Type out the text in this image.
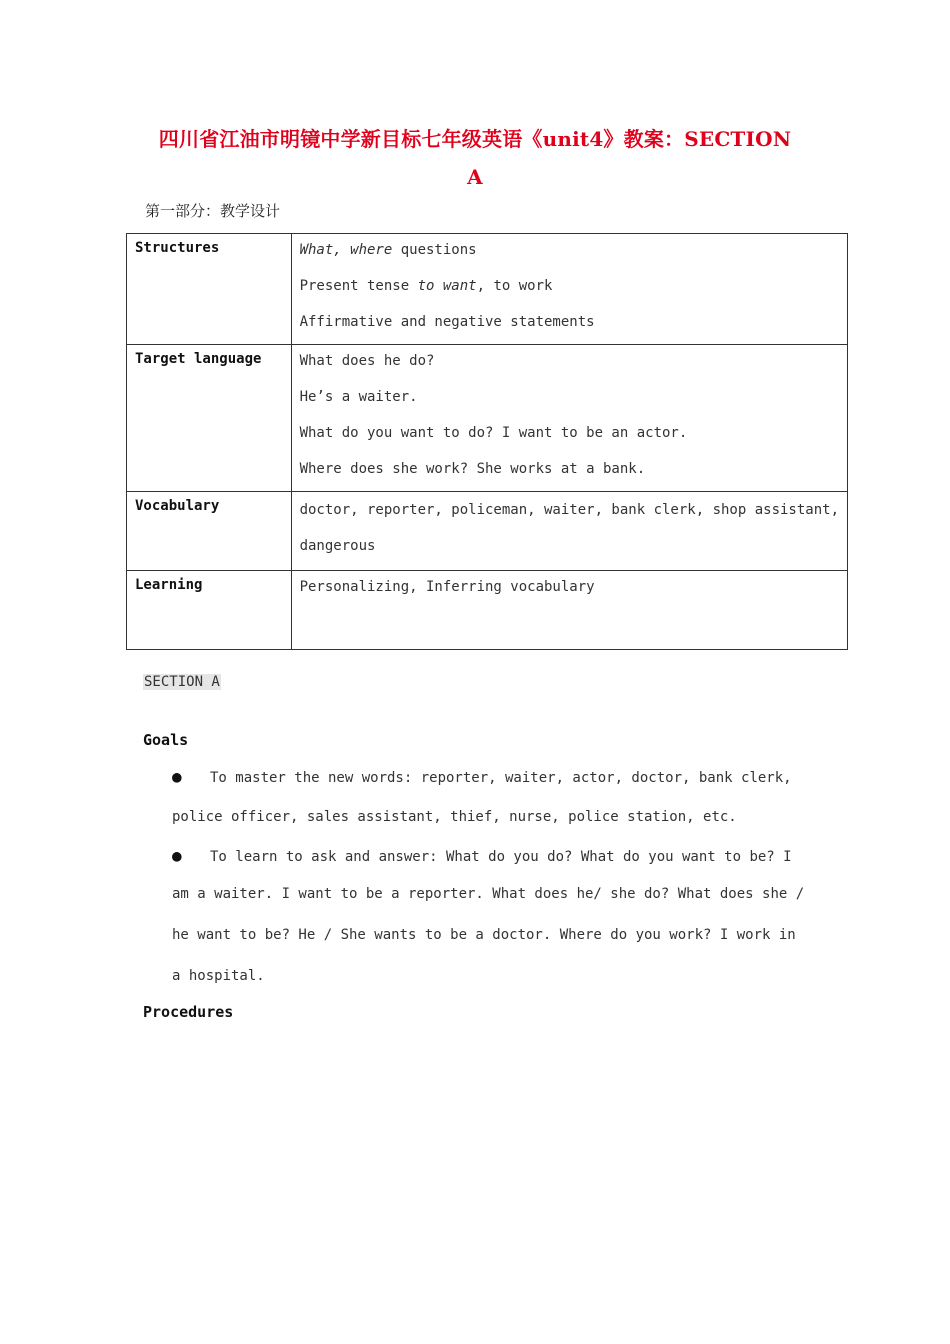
四川省江油市明镜中学新目标七年级英语《unit4》教案：SECTION
A
第一部分：教学设计
Structures	What, where questions
Present tense to want, to work
Affirmative and negative statements

Target language	What does he do?
He’s a waiter.
What do you want to do? I want to be an actor.
Where does she work? She works at a bank.

Vocabulary	doctor, reporter, policeman, waiter, bank clerk, shop assistant,
dangerous

Learning	Personalizing, Inferring vocabulary
SECTION A
Goals
● To master the new words: reporter, waiter, actor, doctor, bank clerk,
police officer, sales assistant, thief, nurse, police station, etc.
● To learn to ask and answer: What do you do? What do you want to be? I
am a waiter. I want to be a reporter. What does he/ she do? What does she /
he want to be? He / She wants to be a doctor. Where do you work? I work in
a hospital.
Procedures
